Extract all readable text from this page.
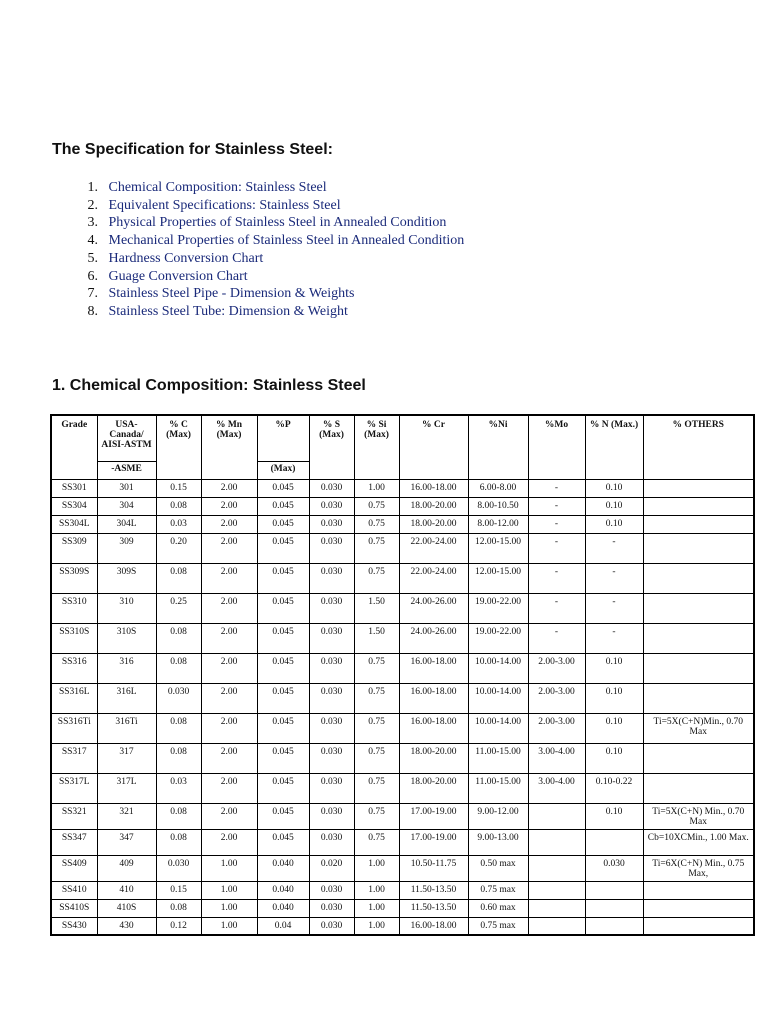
The Specification for Stainless Steel:
1.
Chemical Composition: Stainless Steel
2.
Equivalent Specifications: Stainless Steel
3.
Physical Properties of Stainless Steel in Annealed Condition
4.
Mechanical Properties of Stainless Steel in Annealed Condition
5.
Hardness Conversion Chart
6.
Guage Conversion Chart
7.
Stainless Steel Pipe - Dimension & Weights
8.
Stainless Steel Tube: Dimension & Weight
1. Chemical Composition: Stainless Steel
Grade	USA-Canada/ AISI-ASTM	% C (Max)	% Mn (Max)	%P	% S (Max)	% Si (Max)	% Cr	%Ni	%Mo	% N (Max.)	% OTHERS
	-ASME			(Max)							
SS301	301	0.15	2.00	0.045	0.030	1.00	16.00-18.00	6.00-8.00	-	0.10	
SS304	304	0.08	2.00	0.045	0.030	0.75	18.00-20.00	8.00-10.50	-	0.10	
SS304L	304L	0.03	2.00	0.045	0.030	0.75	18.00-20.00	8.00-12.00	-	0.10	
SS309	309	0.20	2.00	0.045	0.030	0.75	22.00-24.00	12.00-15.00	-	-	
SS309S	309S	0.08	2.00	0.045	0.030	0.75	22.00-24.00	12.00-15.00	-	-	
SS310	310	0.25	2.00	0.045	0.030	1.50	24.00-26.00	19.00-22.00	-	-	
SS310S	310S	0.08	2.00	0.045	0.030	1.50	24.00-26.00	19.00-22.00	-	-	
SS316	316	0.08	2.00	0.045	0.030	0.75	16.00-18.00	10.00-14.00	2.00-3.00	0.10	
SS316L	316L	0.030	2.00	0.045	0.030	0.75	16.00-18.00	10.00-14.00	2.00-3.00	0.10	
SS316Ti	316Ti	0.08	2.00	0.045	0.030	0.75	16.00-18.00	10.00-14.00	2.00-3.00	0.10	Ti=5X(C+N)Min., 0.70 Max
SS317	317	0.08	2.00	0.045	0.030	0.75	18.00-20.00	11.00-15.00	3.00-4.00	0.10	
SS317L	317L	0.03	2.00	0.045	0.030	0.75	18.00-20.00	11.00-15.00	3.00-4.00	0.10-0.22	
SS321	321	0.08	2.00	0.045	0.030	0.75	17.00-19.00	9.00-12.00		0.10	Ti=5X(C+N) Min., 0.70 Max
SS347	347	0.08	2.00	0.045	0.030	0.75	17.00-19.00	9.00-13.00			Cb=10XCMin., 1.00 Max.
SS409	409	0.030	1.00	0.040	0.020	1.00	10.50-11.75	0.50 max		0.030	Ti=6X(C+N) Min., 0.75 Max,
SS410	410	0.15	1.00	0.040	0.030	1.00	11.50-13.50	0.75 max			
SS410S	410S	0.08	1.00	0.040	0.030	1.00	11.50-13.50	0.60 max			
SS430	430	0.12	1.00	0.04	0.030	1.00	16.00-18.00	0.75 max			
